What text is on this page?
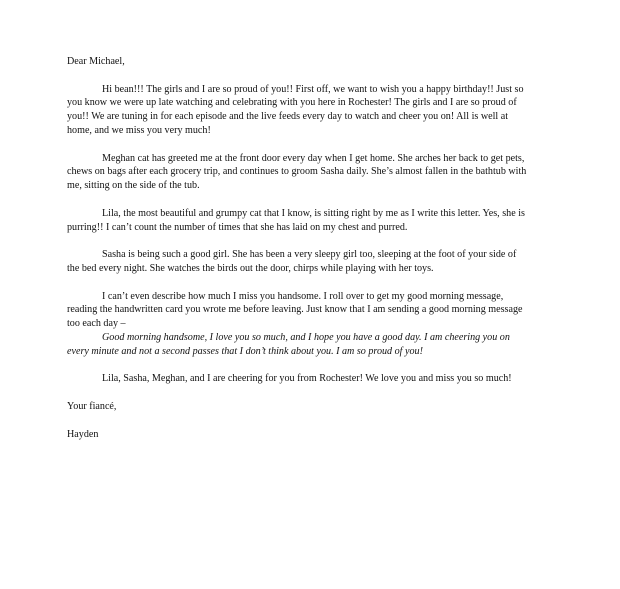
Dear Michael,

Hi bean!!! The girls and I are so proud of you!! First off, we want to wish you a happy birthday!! Just so you know we were up late watching and celebrating with you here in Rochester! The girls and I are so proud of you!! We are tuning in for each episode and the live feeds every day to watch and cheer you on! All is well at home, and we miss you very much!

Meghan cat has greeted me at the front door every day when I get home. She arches her back to get pets, chews on bags after each grocery trip, and continues to groom Sasha daily. She’s almost fallen in the bathtub with me, sitting on the side of the tub.

Lila, the most beautiful and grumpy cat that I know, is sitting right by me as I write this letter. Yes, she is purring!! I can’t count the number of times that she has laid on my chest and purred.

Sasha is being such a good girl. She has been a very sleepy girl too, sleeping at the foot of your side of the bed every night. She watches the birds out the door, chirps while playing with her toys.

I can’t even describe how much I miss you handsome. I roll over to get my good morning message, reading the handwritten card you wrote me before leaving. Just know that I am sending a good morning message too each day –

Good morning handsome, I love you so much, and I hope you have a good day. I am cheering you on every minute and not a second passes that I don’t think about you. I am so proud of you!

Lila, Sasha, Meghan, and I are cheering for you from Rochester! We love you and miss you so much!

Your fiancé,

Hayden
